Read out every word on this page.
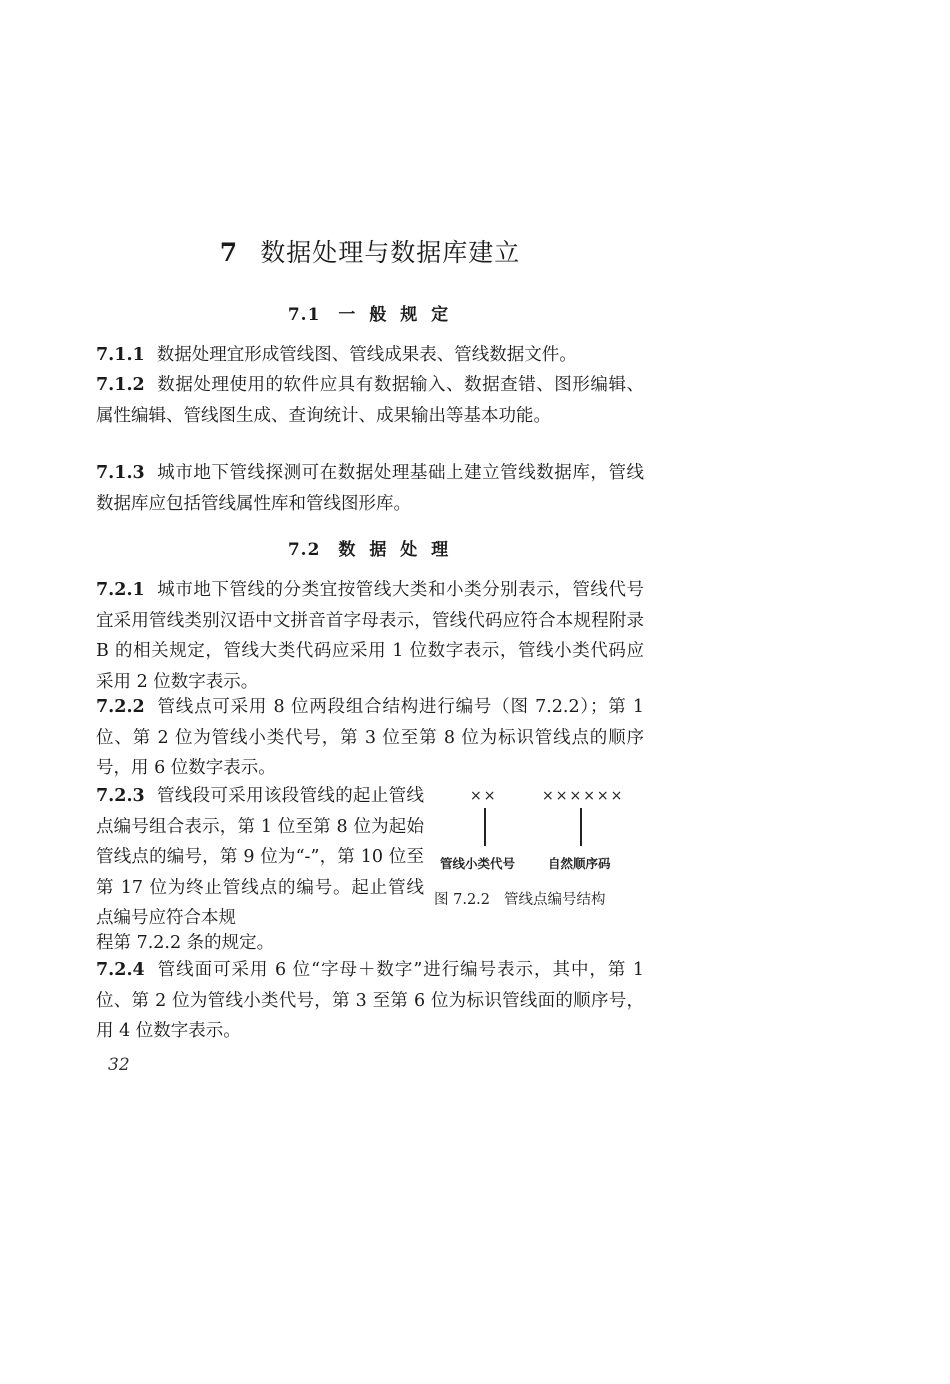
7 数据处理与数据库建立
7.1 一 般 规 定
7.1.1 数据处理宜形成管线图、管线成果表、管线数据文件。
7.1.2 数据处理使用的软件应具有数据输入、数据查错、图形编辑、属性编辑、管线图生成、查询统计、成果输出等基本功能。
7.1.3 城市地下管线探测可在数据处理基础上建立管线数据库，管线数据库应包括管线属性库和管线图形库。
7.2 数 据 处 理
7.2.1 城市地下管线的分类宜按管线大类和小类分别表示，管线代号宜采用管线类别汉语中文拼音首字母表示，管线代码应符合本规程附录 B 的相关规定，管线大类代码应采用 1 位数字表示，管线小类代码应采用 2 位数字表示。
7.2.2 管线点可采用 8 位两段组合结构进行编号（图 7.2.2）；第 1 位、第 2 位为管线小类代号，第 3 位至第 8 位为标识管线点的顺序号，用 6 位数字表示。
7.2.3 管线段可采用该段管线的起止管线点编号组合表示，第 1 位至第 8 位为起始管线点的编号，第 9 位为“-”，第 10 位至第 17 位为终止管线点的编号。起止管线点编号应符合本规
程第 7.2.2 条的规定。
××	××××××
管线小类代号	自然顺序码
图 7.2.2 管线点编号结构
7.2.4 管线面可采用 6 位“字母＋数字”进行编号表示，其中，第 1 位、第 2 位为管线小类代号，第 3 至第 6 位为标识管线面的顺序号，用 4 位数字表示。
32
